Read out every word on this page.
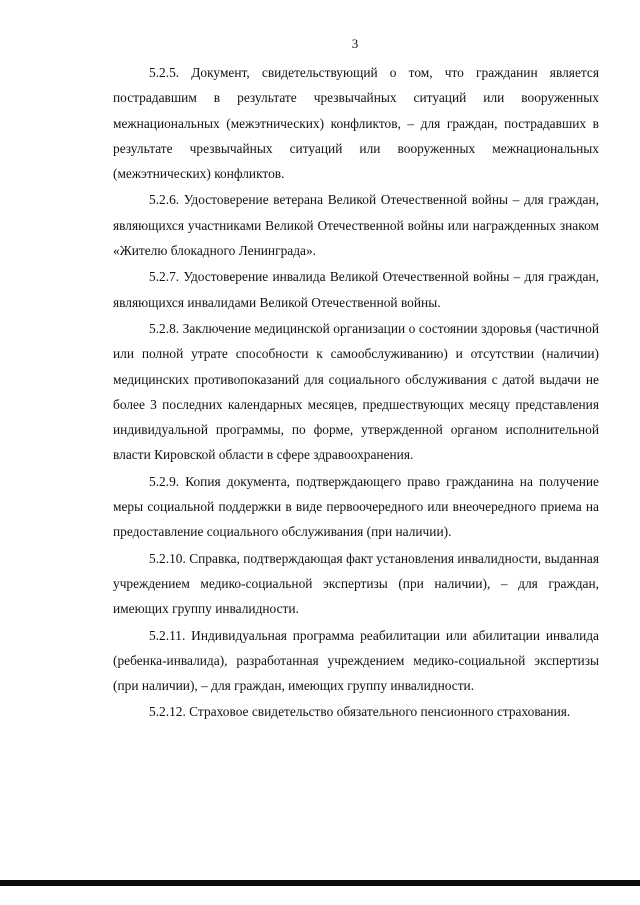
3

5.2.5. Документ, свидетельствующий о том, что гражданин является пострадавшим в результате чрезвычайных ситуаций или вооруженных межнациональных (межэтнических) конфликтов, – для граждан, пострадавших в результате чрезвычайных ситуаций или вооруженных межнациональных (межэтнических) конфликтов.

5.2.6. Удостоверение ветерана Великой Отечественной войны – для граждан, являющихся участниками Великой Отечественной войны или награжденных знаком «Жителю блокадного Ленинграда».

5.2.7. Удостоверение инвалида Великой Отечественной войны – для граждан, являющихся инвалидами Великой Отечественной войны.

5.2.8. Заключение медицинской организации о состоянии здоровья (частичной или полной утрате способности к самообслуживанию) и отсутствии (наличии) медицинских противопоказаний для социального обслуживания с датой выдачи не более 3 последних календарных месяцев, предшествующих месяцу представления индивидуальной программы, по форме, утвержденной органом исполнительной власти Кировской области в сфере здравоохранения.

5.2.9. Копия документа, подтверждающего право гражданина на получение меры социальной поддержки в виде первоочередного или внеочередного приема на предоставление социального обслуживания (при наличии).

5.2.10. Справка, подтверждающая факт установления инвалидности, выданная учреждением медико-социальной экспертизы (при наличии), – для граждан, имеющих группу инвалидности.

5.2.11. Индивидуальная программа реабилитации или абилитации инвалида (ребенка-инвалида), разработанная учреждением медико-социальной экспертизы (при наличии), – для граждан, имеющих группу инвалидности.

5.2.12. Страховое свидетельство обязательного пенсионного страхования.
